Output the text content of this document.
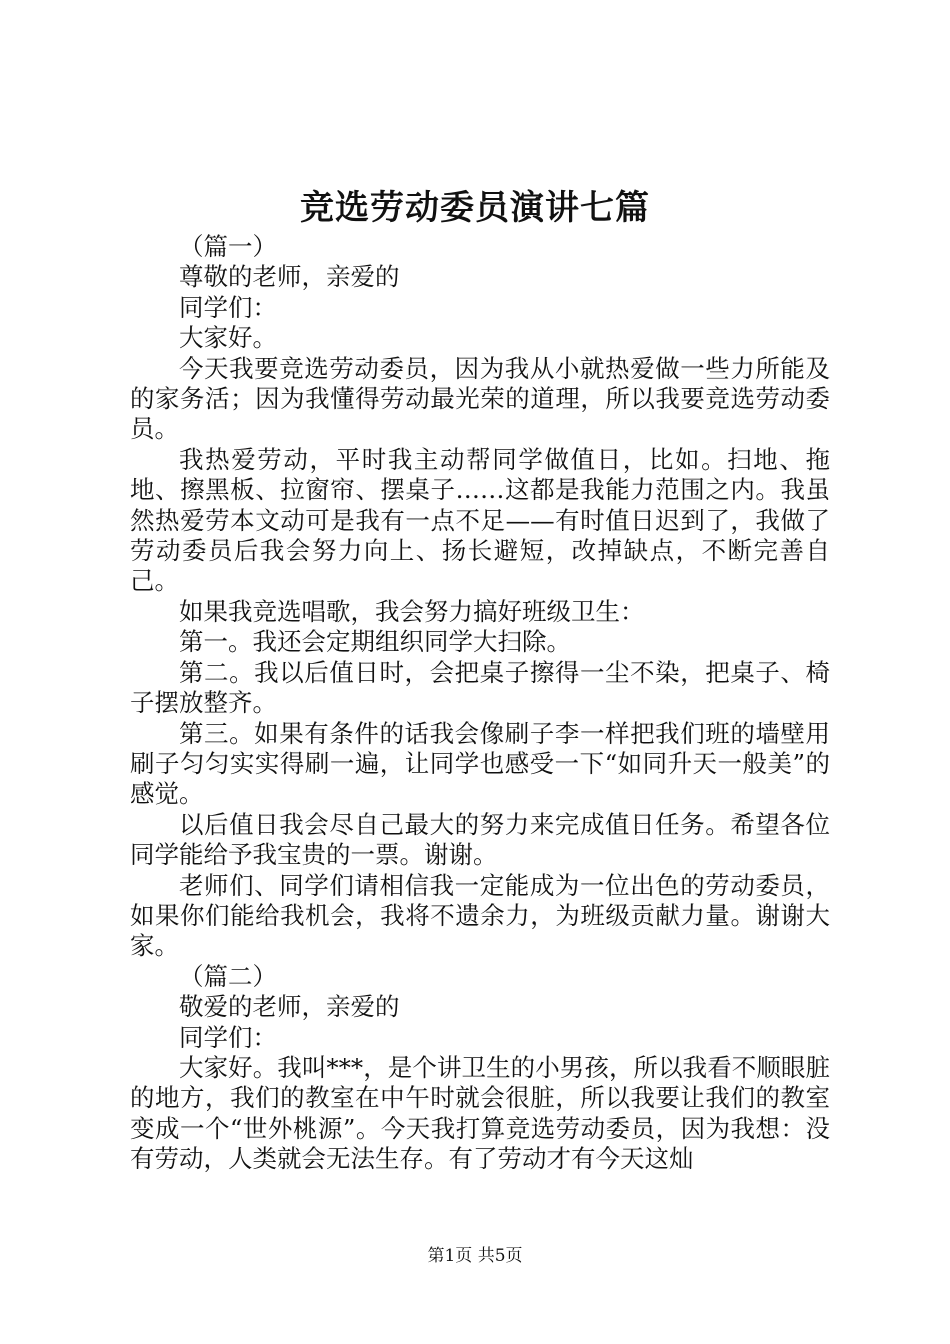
竞选劳动委员演讲七篇

（篇一）

尊敬的老师，亲爱的

同学们：

大家好。

今天我要竞选劳动委员，因为我从小就热爱做一些力所能及的家务活；因为我懂得劳动最光荣的道理，所以我要竞选劳动委员。

我热爱劳动，平时我主动帮同学做值日，比如。扫地、拖地、擦黑板、拉窗帘、摆桌子……这都是我能力范围之内。我虽然热爱劳本文动可是我有一点不足——有时值日迟到了，我做了劳动委员后我会努力向上、扬长避短，改掉缺点，不断完善自己。

如果我竞选唱歌，我会努力搞好班级卫生：

第一。我还会定期组织同学大扫除。

第二。我以后值日时，会把桌子擦得一尘不染，把桌子、椅子摆放整齐。

第三。如果有条件的话我会像刷子李一样把我们班的墙壁用刷子匀匀实实得刷一遍，让同学也感受一下“如同升天一般美”的感觉。

以后值日我会尽自己最大的努力来完成值日任务。希望各位同学能给予我宝贵的一票。谢谢。

老师们、同学们请相信我一定能成为一位出色的劳动委员，如果你们能给我机会，我将不遗余力，为班级贡献力量。谢谢大家。

（篇二）

敬爱的老师，亲爱的

同学们：

大家好。我叫***，是个讲卫生的小男孩，所以我看不顺眼脏的地方，我们的教室在中午时就会很脏，所以我要让我们的教室变成一个“世外桃源”。今天我打算竞选劳动委员，因为我想：没有劳动，人类就会无法生存。有了劳动才有今天这灿

第1页 共5页
